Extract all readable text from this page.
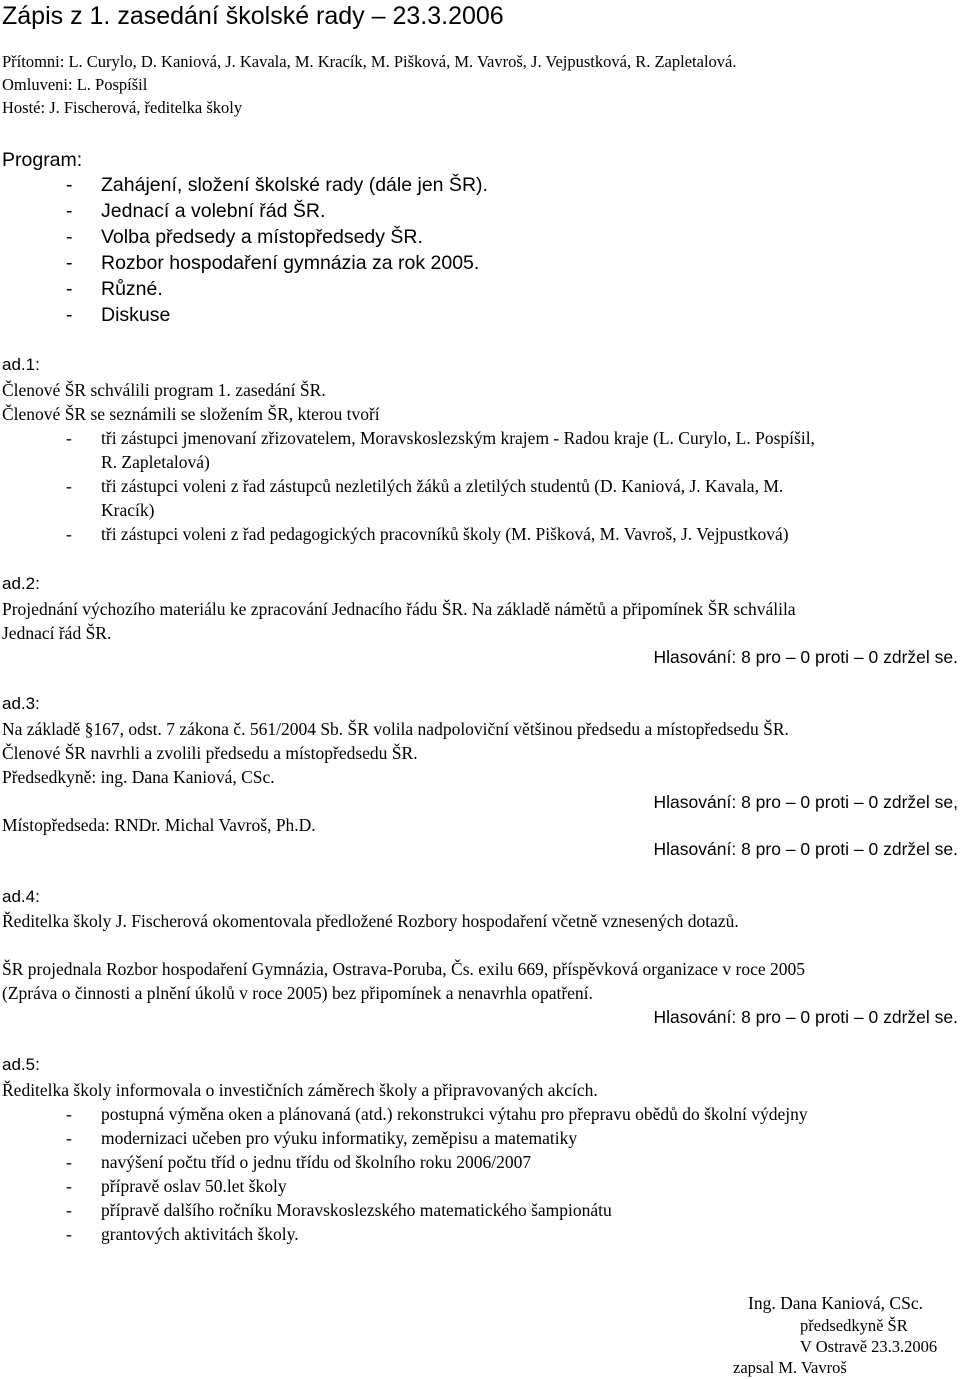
Zápis z 1. zasedání školské rady – 23.3.2006
Přítomni: L. Curylo, D. Kaniová, J. Kavala, M. Kracík, M. Pišková, M. Vavroš, J. Vejpustková, R. Zapletalová.
Omluveni: L. Pospíšil
Hosté: J. Fischerová, ředitelka školy
Program:
- Zahájení, složení školské rady (dále jen ŠR).
- Jednací a volební řád ŠR.
- Volba předsedy a místopředsedy ŠR.
- Rozbor hospodaření gymnázia za rok 2005.
- Různé.
- Diskuse
ad.1:
Členové ŠR schválili program 1. zasedání ŠR.
Členové ŠR se seznámili se složením ŠR, kterou tvoří
- tři zástupci jmenovaní zřizovatelem, Moravskoslezským krajem - Radou kraje (L. Curylo, L. Pospíšil,
R. Zapletalová)
- tři zástupci voleni z řad zástupců nezletilých žáků a zletilých studentů (D. Kaniová, J. Kavala, M.
Kracík)
- tři zástupci voleni z řad pedagogických pracovníků školy (M. Pišková, M. Vavroš, J. Vejpustková)
ad.2:
Projednání výchozího materiálu ke zpracování Jednacího řádu ŠR. Na základě námětů a připomínek ŠR schválila
Jednací řád ŠR.
Hlasování: 8 pro – 0 proti – 0 zdržel se.
ad.3:
Na základě §167, odst. 7 zákona č. 561/2004 Sb. ŠR volila nadpoloviční většinou předsedu a místopředsedu ŠR.
Členové ŠR navrhli a zvolili předsedu a místopředsedu ŠR.
Předsedkyně: ing. Dana Kaniová, CSc.
Hlasování: 8 pro – 0 proti – 0 zdržel se,
Místopředseda: RNDr. Michal Vavroš, Ph.D.
Hlasování: 8 pro – 0 proti – 0 zdržel se.
ad.4:
Ředitelka školy J. Fischerová okomentovala předložené Rozbory hospodaření včetně vznesených dotazů.
ŠR projednala Rozbor hospodaření Gymnázia, Ostrava-Poruba, Čs. exilu 669, příspěvková organizace v roce 2005
(Zpráva o činnosti a plnění úkolů v roce 2005) bez připomínek a nenavrhla opatření.
Hlasování: 8 pro – 0 proti – 0 zdržel se.
ad.5:
Ředitelka školy informovala o investičních záměrech školy a připravovaných akcích.
- postupná výměna oken a plánovaná (atd.) rekonstrukci výtahu pro přepravu obědů do školní výdejny
- modernizaci učeben pro výuku informatiky, zeměpisu a matematiky
- navýšení počtu tříd o jednu třídu od školního roku 2006/2007
- přípravě oslav 50.let školy
- přípravě dalšího ročníku Moravskoslezského matematického šampionátu
- grantových aktivitách školy.
Ing. Dana Kaniová, CSc.
předsedkyně ŠR
V Ostravě 23.3.2006
zapsal M. Vavroš
